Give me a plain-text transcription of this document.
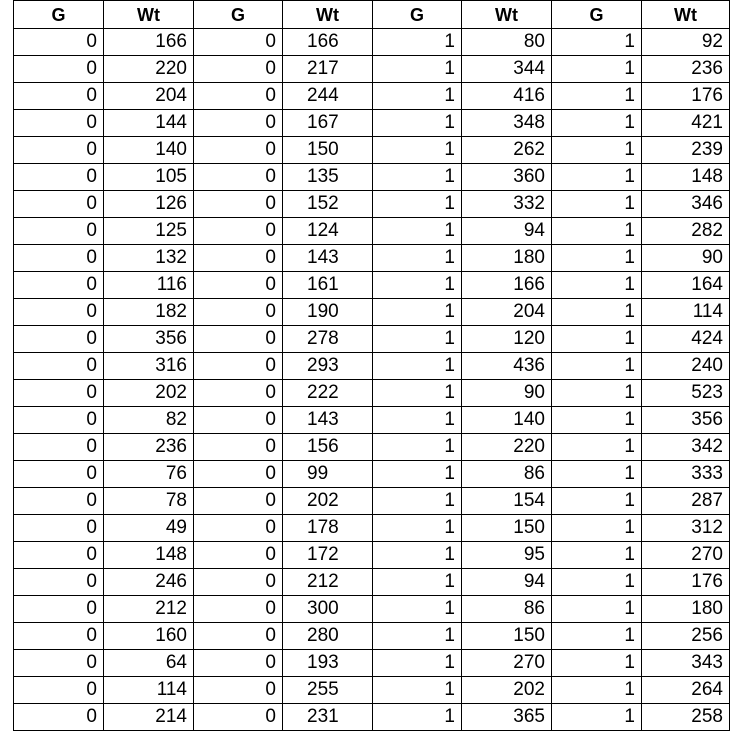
G	Wt	G	Wt	G	Wt	G	Wt
0	166	0	166	1	80	1	92
0	220	0	217	1	344	1	236
0	204	0	244	1	416	1	176
0	144	0	167	1	348	1	421
0	140	0	150	1	262	1	239
0	105	0	135	1	360	1	148
0	126	0	152	1	332	1	346
0	125	0	124	1	94	1	282
0	132	0	143	1	180	1	90
0	116	0	161	1	166	1	164
0	182	0	190	1	204	1	114
0	356	0	278	1	120	1	424
0	316	0	293	1	436	1	240
0	202	0	222	1	90	1	523
0	82	0	143	1	140	1	356
0	236	0	156	1	220	1	342
0	76	0	99	1	86	1	333
0	78	0	202	1	154	1	287
0	49	0	178	1	150	1	312
0	148	0	172	1	95	1	270
0	246	0	212	1	94	1	176
0	212	0	300	1	86	1	180
0	160	0	280	1	150	1	256
0	64	0	193	1	270	1	343
0	114	0	255	1	202	1	264
0	214	0	231	1	365	1	258
